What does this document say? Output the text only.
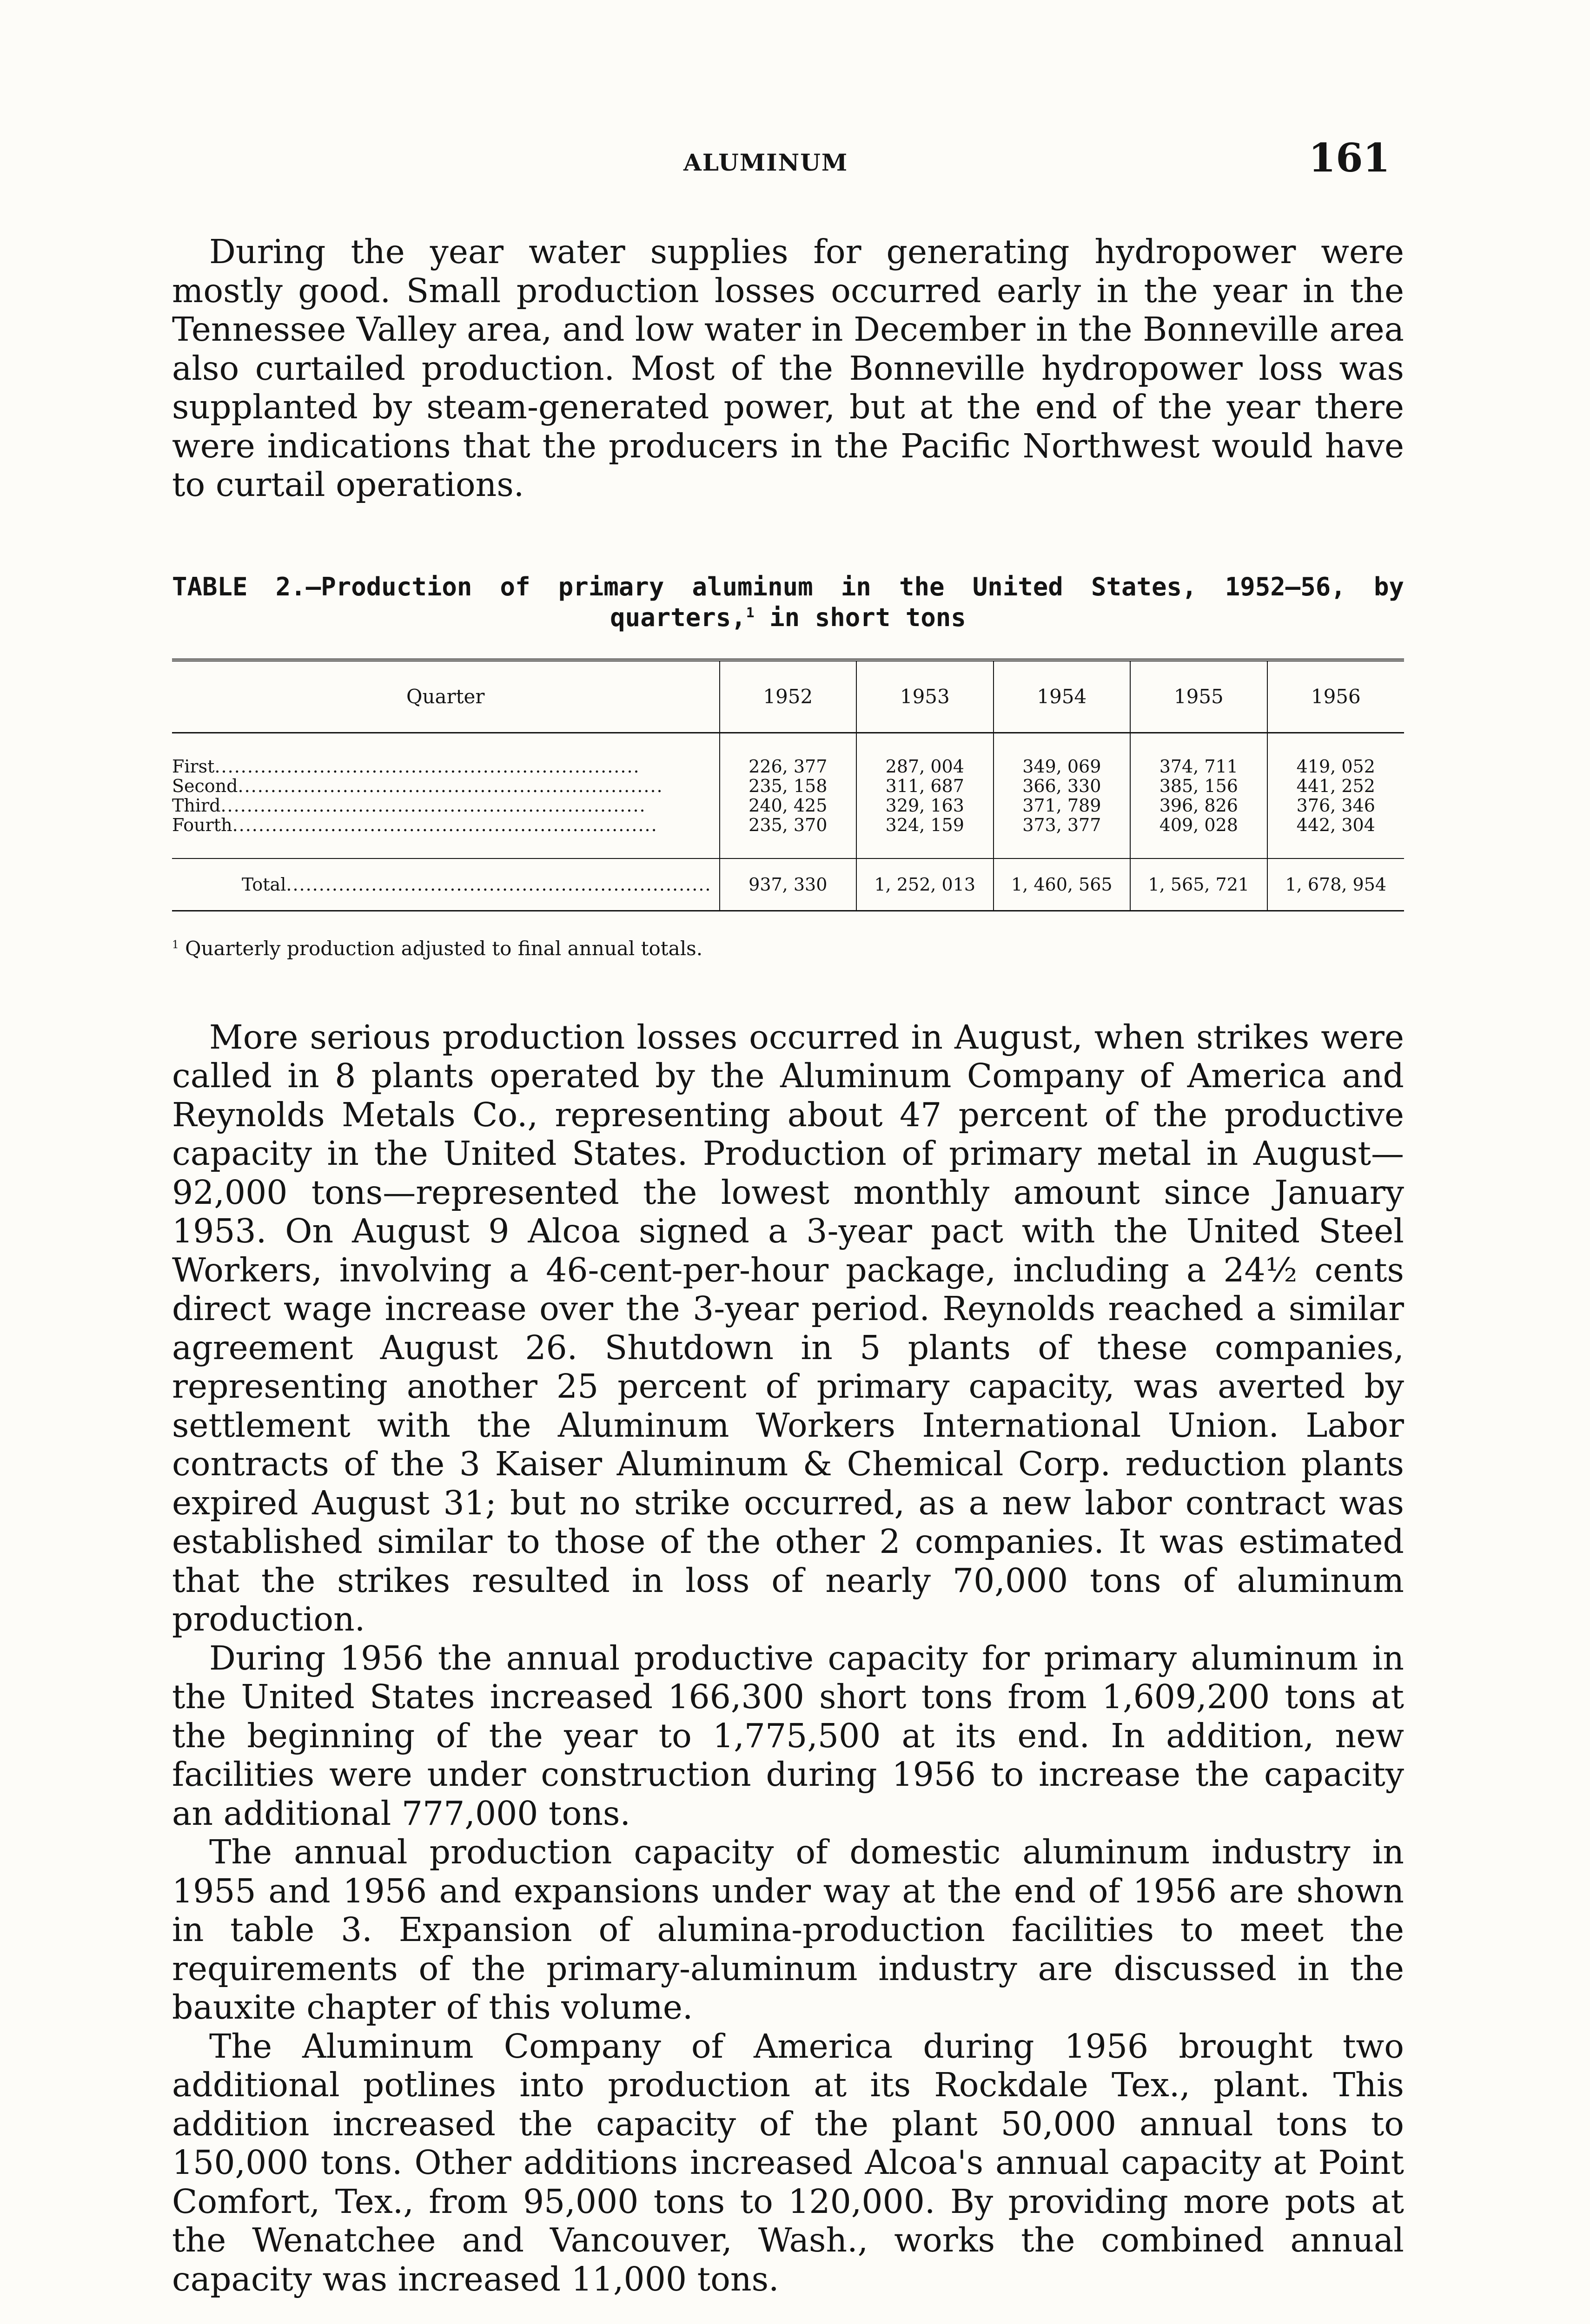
ALUMINUM	161

During the year water supplies for generating hydropower were mostly good. Small production losses occurred early in the year in the Tennessee Valley area, and low water in December in the Bonneville area also curtailed production. Most of the Bonneville hydropower loss was supplanted by steam-generated power, but at the end of the year there were indications that the producers in the Pacific Northwest would have to curtail operations.

TABLE 2.—Production of primary aluminum in the United States, 1952–56, by
quarters,$^1$ in short tons
Quarter	1952	1953	1954	1955	1956

First.................................................................	226, 377	287, 004	349, 069	374, 711	419, 052
Second.................................................................	235, 158	311, 687	366, 330	385, 156	441, 252
Third.................................................................	240, 425	329, 163	371, 789	396, 826	376, 346
Fourth.................................................................	235, 370	324, 159	373, 377	409, 028	442, 304

Total.................................................................	937, 330	1, 252, 013	1, 460, 565	1, 565, 721	1, 678, 954
$^1$ Quarterly production adjusted to final annual totals.

More serious production losses occurred in August, when strikes were called in 8 plants operated by the Aluminum Company of America and Reynolds Metals Co., representing about 47 percent of the productive capacity in the United States. Production of primary metal in August—92,000 tons—represented the lowest monthly amount since January 1953. On August 9 Alcoa signed a 3-year pact with the United Steel Workers, involving a 46-cent-per-hour package, including a 24½ cents direct wage increase over the 3-year period. Reynolds reached a similar agreement August 26. Shutdown in 5 plants of these companies, representing another 25 percent of primary capacity, was averted by settlement with the Aluminum Workers International Union. Labor contracts of the 3 Kaiser Aluminum & Chemical Corp. reduction plants expired August 31; but no strike occurred, as a new labor contract was established similar to those of the other 2 companies. It was estimated that the strikes resulted in loss of nearly 70,000 tons of aluminum production.

During 1956 the annual productive capacity for primary aluminum in the United States increased 166,300 short tons from 1,609,200 tons at the beginning of the year to 1,775,500 at its end. In addition, new facilities were under construction during 1956 to increase the capacity an additional 777,000 tons.

The annual production capacity of domestic aluminum industry in 1955 and 1956 and expansions under way at the end of 1956 are shown in table 3. Expansion of alumina-production facilities to meet the requirements of the primary-aluminum industry are discussed in the bauxite chapter of this volume.

The Aluminum Company of America during 1956 brought two additional potlines into production at its Rockdale Tex., plant. This addition increased the capacity of the plant 50,000 annual tons to 150,000 tons. Other additions increased Alcoa's annual capacity at Point Comfort, Tex., from 95,000 tons to 120,000. By providing more pots at the Wenatchee and Vancouver, Wash., works the combined annual capacity was increased 11,000 tons.
